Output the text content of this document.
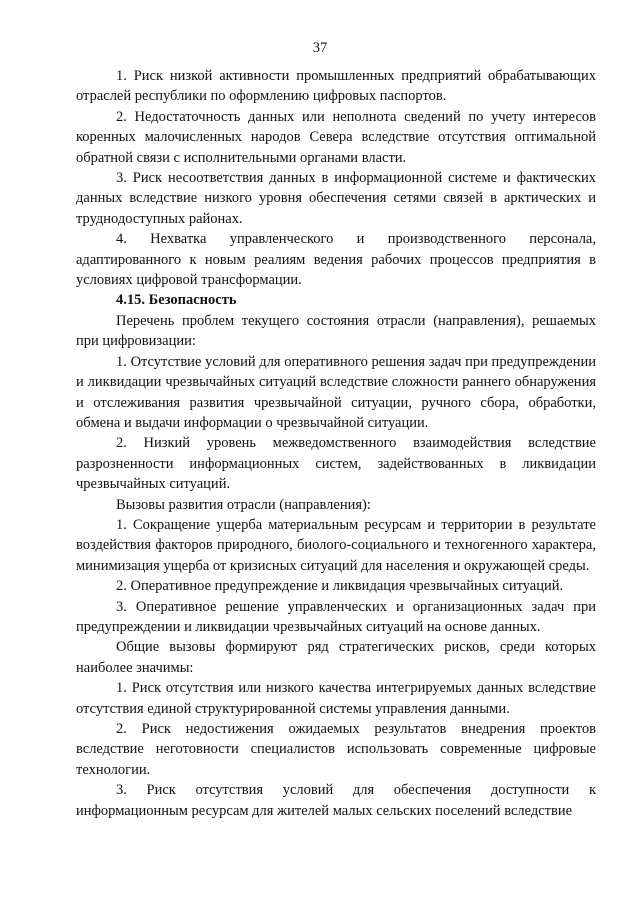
37

1. Риск низкой активности промышленных предприятий обрабатывающих отраслей республики по оформлению цифровых паспортов.

2. Недостаточность данных или неполнота сведений по учету интересов коренных малочисленных народов Севера вследствие отсутствия оптимальной обратной связи с исполнительными органами власти.

3. Риск несоответствия данных в информационной системе и фактических данных вследствие низкого уровня обеспечения сетями связей в арктических и труднодоступных районах.

4. Нехватка управленческого и производственного персонала, адаптированного к новым реалиям ведения рабочих процессов предприятия в условиях цифровой трансформации.

4.15. Безопасность

Перечень проблем текущего состояния отрасли (направления), решаемых при цифровизации:

1. Отсутствие условий для оперативного решения задач при предупреждении и ликвидации чрезвычайных ситуаций вследствие сложности раннего обнаружения и отслеживания развития чрезвычайной ситуации, ручного сбора, обработки, обмена и выдачи информации о чрезвычайной ситуации.

2. Низкий уровень межведомственного взаимодействия вследствие разрозненности информационных систем, задействованных в ликвидации чрезвычайных ситуаций.

Вызовы развития отрасли (направления):

1. Сокращение ущерба материальным ресурсам и территории в результате воздействия факторов природного, биолого-социального и техногенного характера, минимизация ущерба от кризисных ситуаций для населения и окружающей среды.

2. Оперативное предупреждение и ликвидация чрезвычайных ситуаций.

3. Оперативное решение управленческих и организационных задач при предупреждении и ликвидации чрезвычайных ситуаций на основе данных.

Общие вызовы формируют ряд стратегических рисков, среди которых наиболее значимы:

1. Риск отсутствия или низкого качества интегрируемых данных вследствие отсутствия единой структурированной системы управления данными.

2. Риск недостижения ожидаемых результатов внедрения проектов вследствие неготовности специалистов использовать современные цифровые технологии.

3. Риск отсутствия условий для обеспечения доступности к информационным ресурсам для жителей малых сельских поселений вследствие
